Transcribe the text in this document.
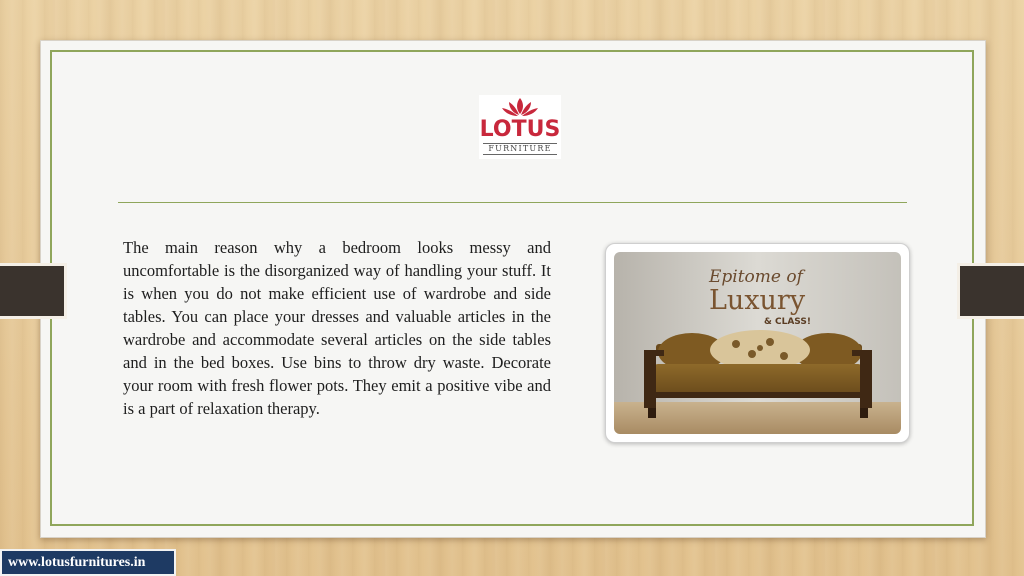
LOTUS
FURNITURE

The main reason why a bedroom looks messy and uncomfortable is the disorganized way of handling your stuff. It is when you do not make efficient use of wardrobe and side tables. You can place your dresses and valuable articles in the wardrobe and accommodate several articles on the side tables and in the bed boxes. Use bins to throw dry waste. Decorate your room with fresh flower pots. They emit a positive vibe and is a part of relaxation therapy.

Epitome of
Luxury
& CLASS!
www.lotusfurnitures.in
